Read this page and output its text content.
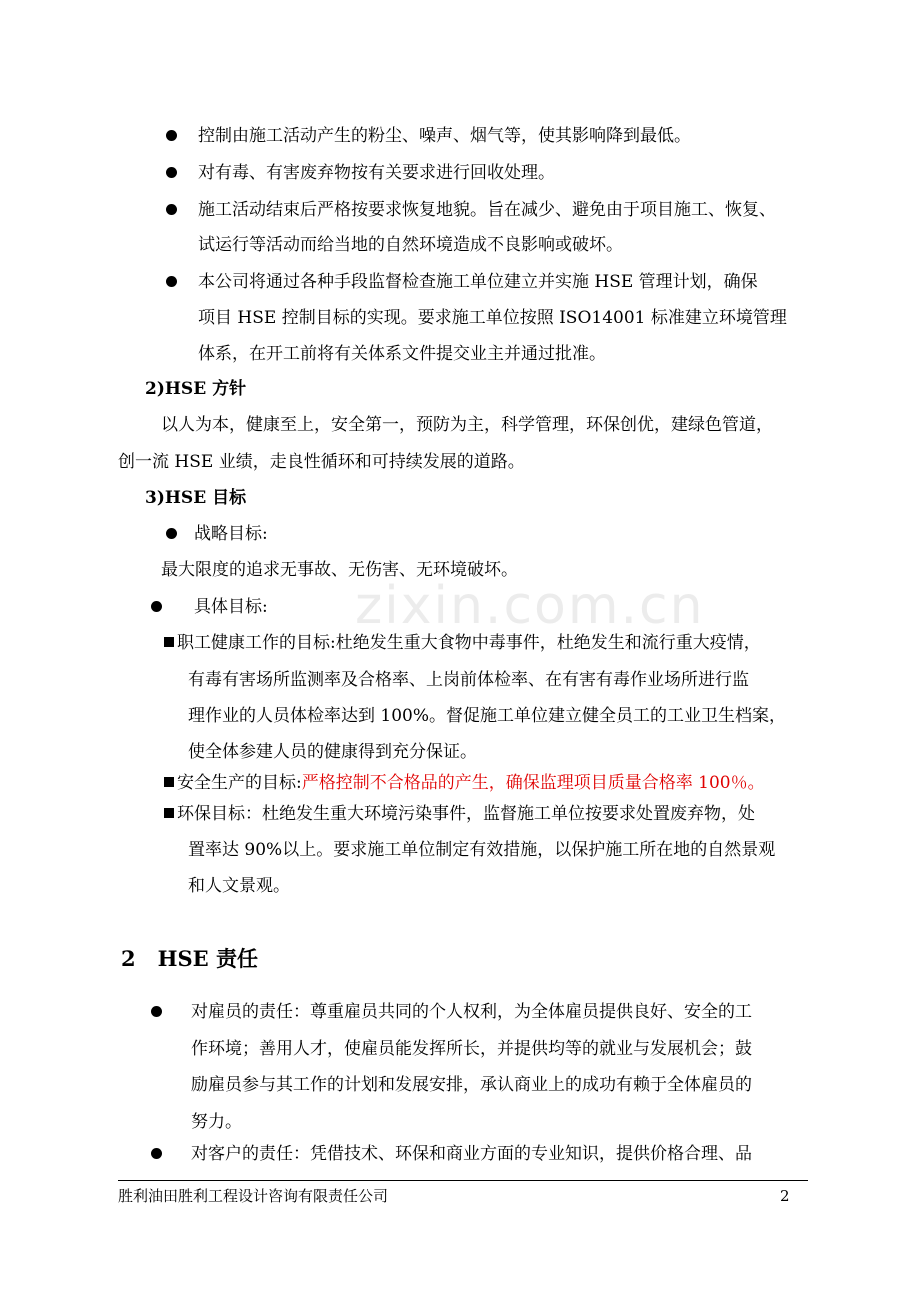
zixin.com.cn
控制由施工活动产生的粉尘、噪声、烟气等，使其影响降到最低。
对有毒、有害废弃物按有关要求进行回收处理。
施工活动结束后严格按要求恢复地貌。旨在减少、避免由于项目施工、恢复、
试运行等活动而给当地的自然环境造成不良影响或破坏。
本公司将通过各种手段监督检查施工单位建立并实施 HSE 管理计划，确保
项目 HSE 控制目标的实现。要求施工单位按照 ISO14001 标准建立环境管理
体系，在开工前将有关体系文件提交业主并通过批准。
2)HSE 方针
以人为本，健康至上，安全第一，预防为主，科学管理，环保创优，建绿色管道，
创一流 HSE 业绩，走良性循环和可持续发展的道路。
3)HSE 目标
战略目标:
最大限度的追求无事故、无伤害、无环境破坏。
具体目标:
职工健康工作的目标:杜绝发生重大食物中毒事件，杜绝发生和流行重大疫情，
有毒有害场所监测率及合格率、上岗前体检率、在有害有毒作业场所进行监
理作业的人员体检率达到 100%。督促施工单位建立健全员工的工业卫生档案，
使全体参建人员的健康得到充分保证。
安全生产的目标:严格控制不合格品的产生，确保监理项目质量合格率 100％。
环保目标：杜绝发生重大环境污染事件，监督施工单位按要求处置废弃物，处
置率达 90%以上。要求施工单位制定有效措施，以保护施工所在地的自然景观
和人文景观。
2 HSE 责任
对雇员的责任：尊重雇员共同的个人权利，为全体雇员提供良好、安全的工
作环境；善用人才，使雇员能发挥所长，并提供均等的就业与发展机会；鼓
励雇员参与其工作的计划和发展安排，承认商业上的成功有赖于全体雇员的
努力。
对客户的责任：凭借技术、环保和商业方面的专业知识，提供价格合理、品
胜利油田胜利工程设计咨询有限责任公司	2
